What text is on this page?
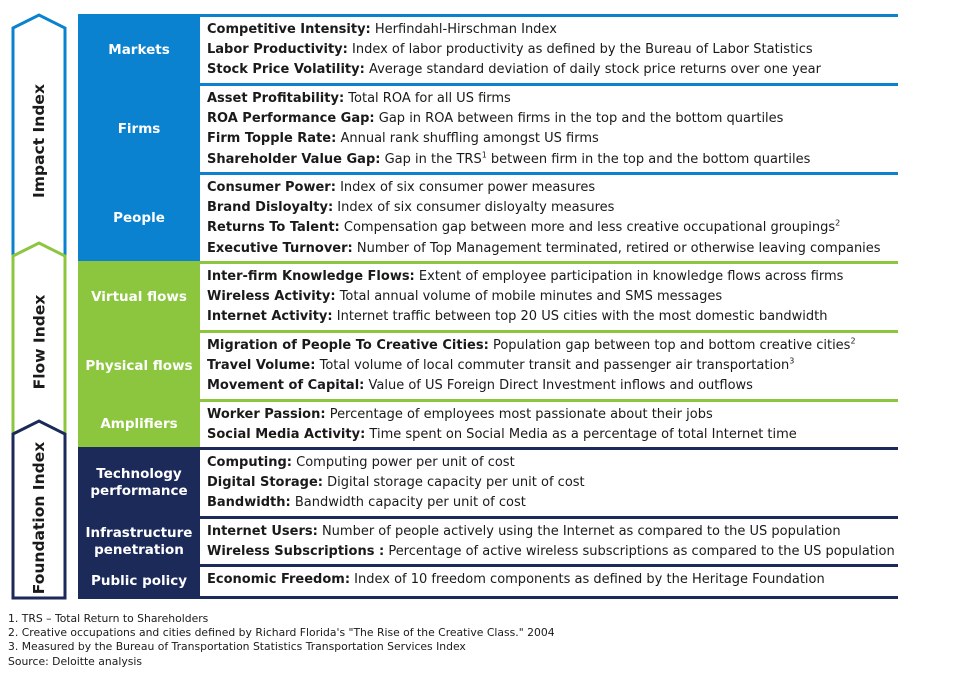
Impact Index
Flow Index
Foundation Index
Markets
Competitive Intensity: Herfindahl-Hirschman Index
Labor Productivity: Index of labor productivity as defined by the Bureau of Labor Statistics
Stock Price Volatility: Average standard deviation of daily stock price returns over one year
Firms
Asset Profitability: Total ROA for all US firms
ROA Performance Gap: Gap in ROA between firms in the top and the bottom quartiles
Firm Topple Rate: Annual rank shuffling amongst US firms
Shareholder Value Gap: Gap in the TRS$^1$ between firm in the top and the bottom quartiles
People
Consumer Power: Index of six consumer power measures
Brand Disloyalty: Index of six consumer disloyalty measures
Returns To Talent: Compensation gap between more and less creative occupational groupings$^2$
Executive Turnover: Number of Top Management terminated, retired or otherwise leaving companies
Virtual flows
Inter-firm Knowledge Flows: Extent of employee participation in knowledge flows across firms
Wireless Activity: Total annual volume of mobile minutes and SMS messages
Internet Activity: Internet traffic between top 20 US cities with the most domestic bandwidth
Physical flows
Migration of People To Creative Cities: Population gap between top and bottom creative cities$^2$
Travel Volume: Total volume of local commuter transit and passenger air transportation$^3$
Movement of Capital: Value of US Foreign Direct Investment inflows and outflows
Amplifiers
Worker Passion: Percentage of employees most passionate about their jobs
Social Media Activity: Time spent on Social Media as a percentage of total Internet time
Technology performance
Computing: Computing power per unit of cost
Digital Storage: Digital storage capacity per unit of cost
Bandwidth: Bandwidth capacity per unit of cost
Infrastructure penetration
Internet Users: Number of people actively using the Internet as compared to the US population
Wireless Subscriptions : Percentage of active wireless subscriptions as compared to the US population
Public policy Economic Freedom: Index of 10 freedom components as defined by the Heritage Foundation
1. TRS – Total Return to Shareholders
2. Creative occupations and cities defined by Richard Florida's "The Rise of the Creative Class." 2004
3. Measured by the Bureau of Transportation Statistics Transportation Services Index
Source: Deloitte analysis
